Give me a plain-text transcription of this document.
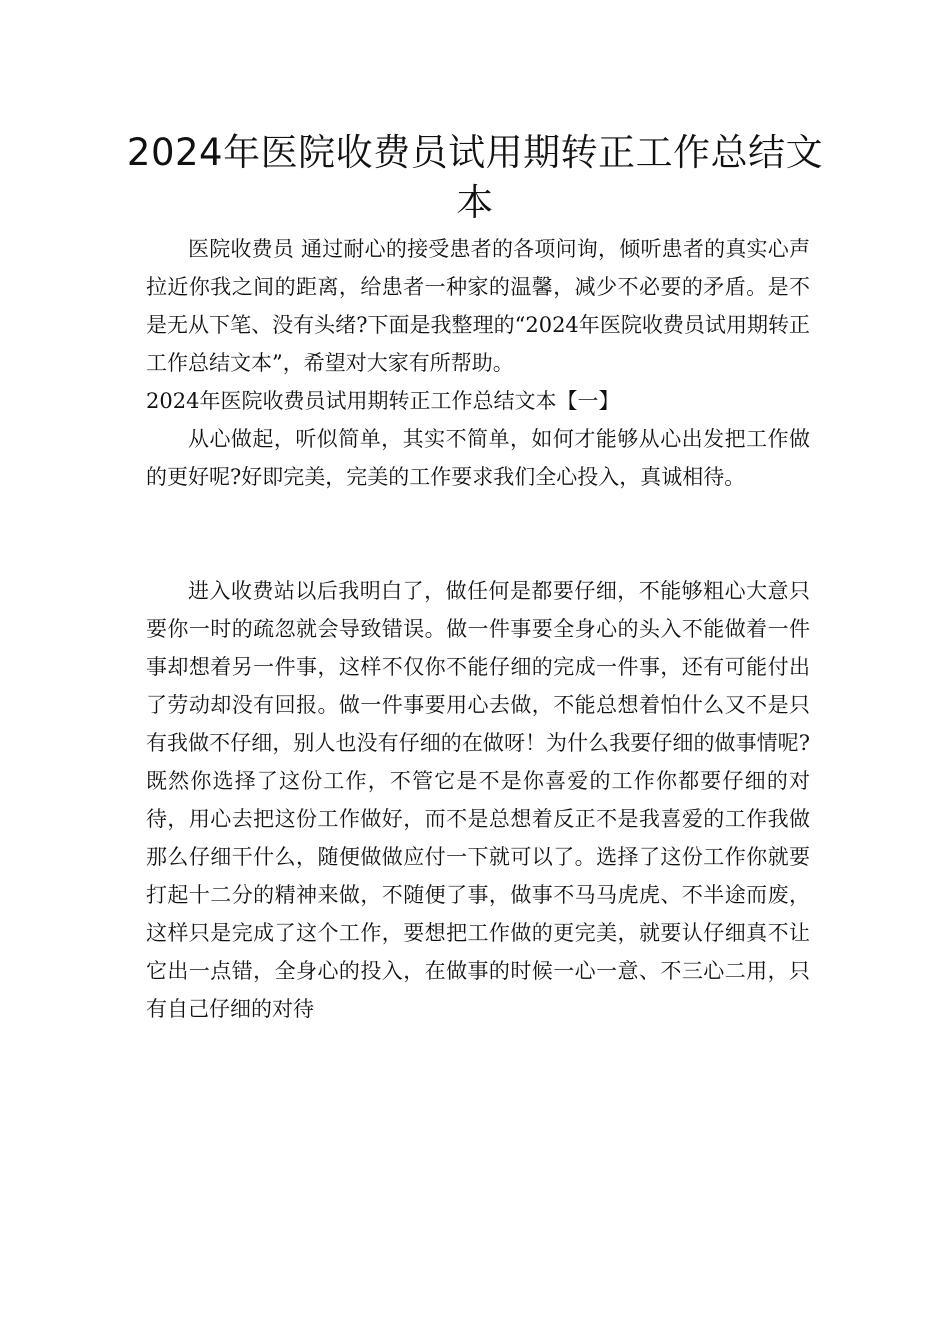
2024年医院收费员试用期转正工作总结文本

医院收费员 通过耐心的接受患者的各项问询，倾听患者的真实心声拉近你我之间的距离，给患者一种家的温馨，减少不必要的矛盾。是不是无从下笔、没有头绪?下面是我整理的“2024年医院收费员试用期转正工作总结文本”，希望对大家有所帮助。

2024年医院收费员试用期转正工作总结文本【一】

从心做起，听似简单，其实不简单，如何才能够从心出发把工作做的更好呢?好即完美，完美的工作要求我们全心投入，真诚相待。

进入收费站以后我明白了，做任何是都要仔细，不能够粗心大意只要你一时的疏忽就会导致错误。做一件事要全身心的头入不能做着一件事却想着另一件事，这样不仅你不能仔细的完成一件事，还有可能付出了劳动却没有回报。做一件事要用心去做，不能总想着怕什么又不是只有我做不仔细，别人也没有仔细的在做呀！为什么我要仔细的做事情呢?既然你选择了这份工作，不管它是不是你喜爱的工作你都要仔细的对待，用心去把这份工作做好，而不是总想着反正不是我喜爱的工作我做那么仔细干什么，随便做做应付一下就可以了。选择了这份工作你就要打起十二分的精神来做，不随便了事，做事不马马虎虎、不半途而废，这样只是完成了这个工作，要想把工作做的更完美，就要认仔细真不让它出一点错，全身心的投入，在做事的时候一心一意、不三心二用，只有自己仔细的对待
